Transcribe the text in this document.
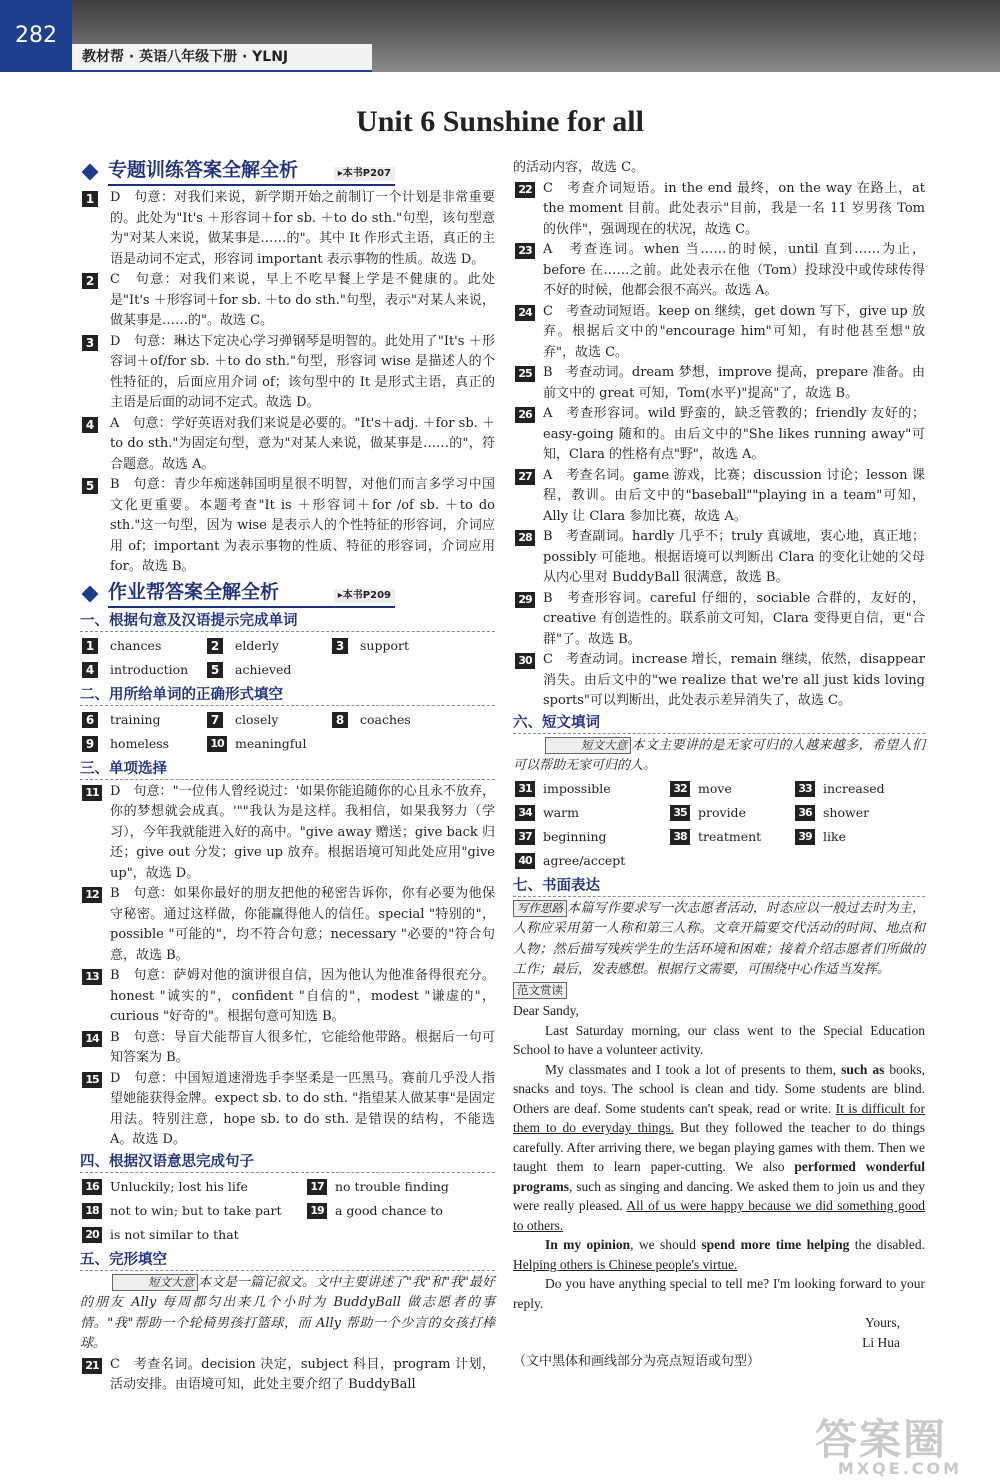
282
教材帮 · 英语八年级下册 · YLNJ
Unit 6 Sunshine for all
专题训练答案全解全析	▸本书P207
1 D　句意：对我们来说，新学期开始之前制订一个计划是非常重要的。此处为"It's ＋形容词＋for sb. ＋to do sth."句型，该句型意为"对某人来说，做某事是……的"。其中 It 作形式主语，真正的主语是动词不定式，形容词 important 表示事物的性质。故选 D。
2 C　句意：对我们来说，早上不吃早餐上学是不健康的。此处是"It's ＋形容词＋for sb. ＋to do sth."句型，表示"对某人来说，做某事是……的"。故选 C。
3 D　句意：琳达下定决心学习弹钢琴是明智的。此处用了"It's ＋形容词＋of/for sb. ＋to do sth."句型，形容词 wise 是描述人的个性特征的，后面应用介词 of；该句型中的 It 是形式主语，真正的主语是后面的动词不定式。故选 D。
4 A　句意：学好英语对我们来说是必要的。"It's＋adj. ＋for sb. ＋to do sth."为固定句型，意为"对某人来说，做某事是……的"，符合题意。故选 A。
5 B　句意：青少年痴迷韩国明星很不明智，对他们而言多学习中国文化更重要。本题考查"It is ＋形容词＋for /of sb. ＋to do sth."这一句型，因为 wise 是表示人的个性特征的形容词，介词应用 of；important 为表示事物的性质、特征的形容词，介词应用 for。故选 B。
作业帮答案全解全析	▸本书P209
一、根据句意及汉语提示完成单词
1	chances	2	elderly	3	support
4	introduction	5	achieved
二、用所给单词的正确形式填空
6	training	7	closely	8	coaches
9	homeless	10 meaningful
三、单项选择
11 D　句意："一位伟人曾经说过：'如果你能追随你的心且永不放弃，你的梦想就会成真。'""我认为是这样。我相信，如果我努力（学习），今年我就能进入好的高中。"give away 赠送；give back 归还；give out 分发；give up 放弃。根据语境可知此处应用"give up"，故选 D。
12 B　句意：如果你最好的朋友把他的秘密告诉你，你有必要为他保守秘密。通过这样做，你能赢得他人的信任。special "特别的"，possible "可能的"，均不符合句意；necessary "必要的"符合句意，故选 B。
13 B　句意：萨姆对他的演讲很自信，因为他认为他准备得很充分。honest "诚实的"，confident "自信的"，modest "谦虚的"，curious "好奇的"。根据句意可知选 B。
14 B　句意：导盲犬能帮盲人很多忙，它能给他带路。根据后一句可知答案为 B。
15 D　句意：中国短道速滑选手李坚柔是一匹黑马。赛前几乎没人指望她能获得金牌。expect sb. to do sth. "指望某人做某事"是固定用法。特别注意，hope sb. to do sth. 是错误的结构，不能选 A。故选 D。
四、根据汉语意思完成句子
16 Unluckily; lost his life	17 no trouble finding
18 not to win; but to take part	19 a good chance to
20 is not similar to that
五、完形填空
短文大意 本文是一篇记叙文。文中主要讲述了"我"和"我"最好的朋友 Ally 每周都匀出来几个小时为 BuddyBall 做志愿者的事情。"我"帮助一个轮椅男孩打篮球，而 Ally 帮助一个少言的女孩打棒球。
21 C　考查名词。decision 决定，subject 科目，program 计划，活动安排。由语境可知，此处主要介绍了 BuddyBall
的活动内容，故选 C。
22 C　考查介词短语。in the end 最终，on the way 在路上，at the moment 目前。此处表示"目前，我是一名 11 岁男孩 Tom 的伙伴"，强调现在的状况，故选 C。
23 A　考查连词。when 当……的时候，until 直到……为止，before 在……之前。此处表示在他（Tom）投球没中或传球传得不好的时候，他都会很不高兴。故选 A。
24 C　考查动词短语。keep on 继续，get down 写下，give up 放弃。根据后文中的"encourage him"可知，有时他甚至想"放弃"，故选 C。
25 B　考查动词。dream 梦想，improve 提高，prepare 准备。由前文中的 great 可知，Tom(水平)"提高"了，故选 B。
26 A　考查形容词。wild 野蛮的，缺乏管教的；friendly 友好的；easy-going 随和的。由后文中的"She likes running away"可知，Clara 的性格有点"野"，故选 A。
27 A　考查名词。game 游戏，比赛；discussion 讨论；lesson 课程，教训。由后文中的"baseball""playing in a team"可知，Ally 让 Clara 参加比赛，故选 A。
28 B　考查副词。hardly 几乎不；truly 真诚地，衷心地，真正地；possibly 可能地。根据语境可以判断出 Clara 的变化让她的父母从内心里对 BuddyBall 很满意，故选 B。
29 B　考查形容词。careful 仔细的，sociable 合群的，友好的，creative 有创造性的。联系前文可知，Clara 变得更自信，更"合群"了。故选 B。
30 C　考查动词。increase 增长，remain 继续，依然，disappear 消失。由后文中的"we realize that we're all just kids loving sports"可以判断出，此处表示差异消失了，故选 C。
六、短文填词
短文大意 本文主要讲的是无家可归的人越来越多，希望人们可以帮助无家可归的人。
31 impossible	32 move	33 increased
34 warm	35 provide	36 shower
37 beginning	38 treatment	39 like
40 agree/accept
七、书面表达
写作思路 本篇写作要求写一次志愿者活动，时态应以一般过去时为主，人称应采用第一人称和第三人称。文章开篇要交代活动的时间、地点和人物；然后描写残疾学生的生活环境和困难；接着介绍志愿者们所做的工作；最后，发表感想。根据行文需要，可围绕中心作适当发挥。
范文赏读
Dear Sandy,
Last Saturday morning, our class went to the Special Education School to have a volunteer activity.
My classmates and I took a lot of presents to them, such as books, snacks and toys. The school is clean and tidy. Some students are blind. Others are deaf. Some students can't speak, read or write. It is difficult for them to do everyday things. But they followed the teacher to do things carefully. After arriving there, we began playing games with them. Then we taught them to learn paper-cutting. We also performed wonderful programs, such as singing and dancing. We asked them to join us and they were really pleased. All of us were happy because we did something good to others.
In my opinion, we should spend more time helping the disabled. Helping others is Chinese people's virtue.
Do you have anything special to tell me? I'm looking forward to your reply.
Yours,
Li Hua
（文中黑体和画线部分为亮点短语或句型）
答案圈
MXQE.COM
